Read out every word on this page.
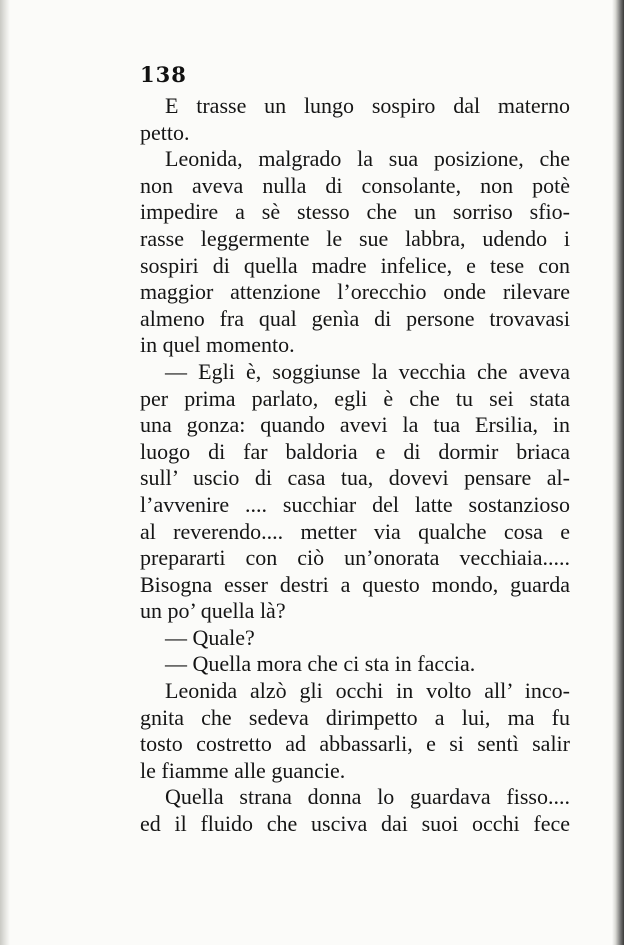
138
E trasse un lungo sospiro dal materno
petto.
Leonida, malgrado la sua posizione, che
non aveva nulla di consolante, non potè
impedire a sè stesso che un sorriso sfio-
rasse leggermente le sue labbra, udendo i
sospiri di quella madre infelice, e tese con
maggior attenzione l’orecchio onde rilevare
almeno fra qual genìa di persone trovavasi
in quel momento.
— Egli è, soggiunse la vecchia che aveva
per prima parlato, egli è che tu sei stata
una gonza: quando avevi la tua Ersilia, in
luogo di far baldoria e di dormir briaca
sull’ uscio di casa tua, dovevi pensare al-
l’avvenire .... succhiar del latte sostanzioso
al reverendo.... metter via qualche cosa e
prepararti con ciò un’onorata vecchiaia.....
Bisogna esser destri a questo mondo, guarda
un po’ quella là?
— Quale?
— Quella mora che ci sta in faccia.
Leonida alzò gli occhi in volto all’ inco-
gnita che sedeva dirimpetto a lui, ma fu
tosto costretto ad abbassarli, e si sentì salir
le fiamme alle guancie.
Quella strana donna lo guardava fisso....
ed il fluido che usciva dai suoi occhi fece
